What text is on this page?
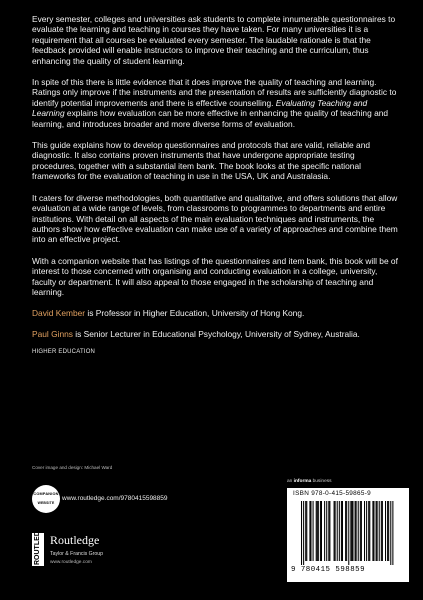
Every semester, colleges and universities ask students to complete innumerable questionnaires to evaluate the learning and teaching in courses they have taken. For many universities it is a requirement that all courses be evaluated every semester. The laudable rationale is that the feedback provided will enable instructors to improve their teaching and the curriculum, thus enhancing the quality of student learning.

In spite of this there is little evidence that it does improve the quality of teaching and learning. Ratings only improve if the instruments and the presentation of results are sufficiently diagnostic to identify potential improvements and there is effective counselling. Evaluating Teaching and Learning explains how evaluation can be more effective in enhancing the quality of teaching and learning, and introduces broader and more diverse forms of evaluation.

This guide explains how to develop questionnaires and protocols that are valid, reliable and diagnostic. It also contains proven instruments that have undergone appropriate testing procedures, together with a substantial item bank. The book looks at the specific national frameworks for the evaluation of teaching in use in the USA, UK and Australasia.

It caters for diverse methodologies, both quantitative and qualitative, and offers solutions that allow evaluation at a wide range of levels, from classrooms to programmes to departments and entire institutions. With detail on all aspects of the main evaluation techniques and instruments, the authors show how effective evaluation can make use of a variety of approaches and combine them into an effective project.

With a companion website that has listings of the questionnaires and item bank, this book will be of interest to those concerned with organising and conducting evaluation in a college, university, faculty or department. It will also appeal to those engaged in the scholarship of teaching and learning.

David Kember is Professor in Higher Education, University of Hong Kong.

Paul Ginns is Senior Lecturer in Educational Psychology, University of Sydney, Australia.

HIGHER EDUCATION
Cover image and design: Michael Ward
COMPANION
WEBSITE
www.routledge.com/9780415598859
ROUTLEDGE Routledge
Taylor & Francis Group
www.routledge.com
an informa business
ISBN 978-0-415-59865-9
9 780415 598859
